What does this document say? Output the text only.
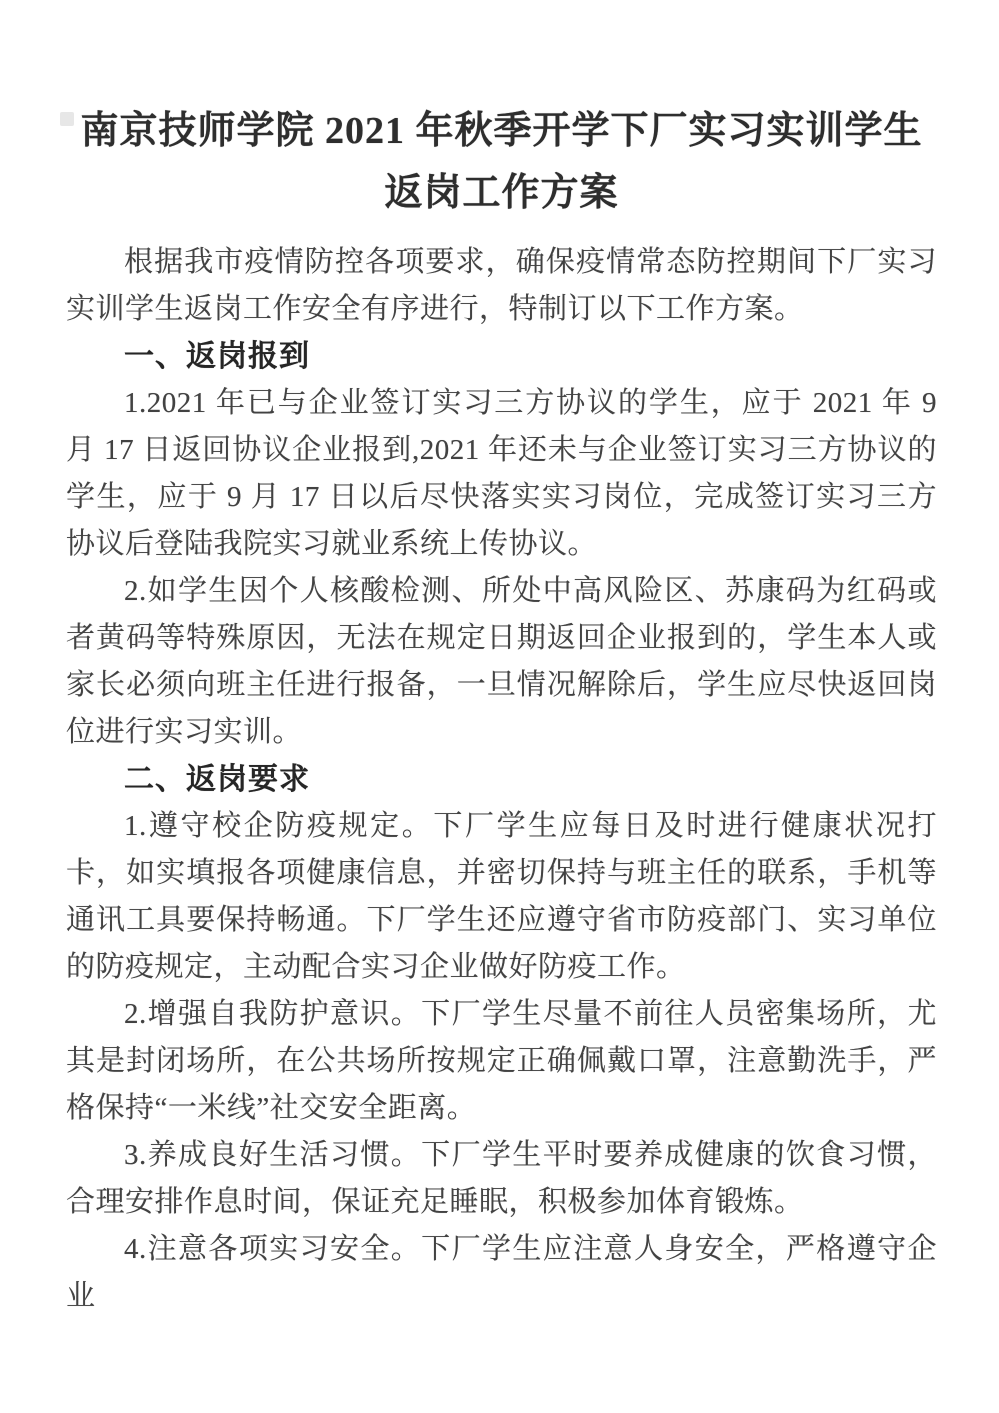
南京技师学院 2021 年秋季开学下厂实习实训学生
返岗工作方案

根据我市疫情防控各项要求，确保疫情常态防控期间下厂实习实训学生返岗工作安全有序进行，特制订以下工作方案。

一、返岗报到

1.2021 年已与企业签订实习三方协议的学生，应于 2021 年 9 月 17 日返回协议企业报到,2021 年还未与企业签订实习三方协议的学生，应于 9 月 17 日以后尽快落实实习岗位，完成签订实习三方协议后登陆我院实习就业系统上传协议。

2.如学生因个人核酸检测、所处中高风险区、苏康码为红码或者黄码等特殊原因，无法在规定日期返回企业报到的，学生本人或家长必须向班主任进行报备，一旦情况解除后，学生应尽快返回岗位进行实习实训。

二、返岗要求

1.遵守校企防疫规定。下厂学生应每日及时进行健康状况打卡，如实填报各项健康信息，并密切保持与班主任的联系，手机等通讯工具要保持畅通。下厂学生还应遵守省市防疫部门、实习单位的防疫规定，主动配合实习企业做好防疫工作。

2.增强自我防护意识。下厂学生尽量不前往人员密集场所，尤其是封闭场所，在公共场所按规定正确佩戴口罩，注意勤洗手，严格保持“一米线”社交安全距离。

3.养成良好生活习惯。下厂学生平时要养成健康的饮食习惯，合理安排作息时间，保证充足睡眠，积极参加体育锻炼。

4.注意各项实习安全。下厂学生应注意人身安全，严格遵守企业
